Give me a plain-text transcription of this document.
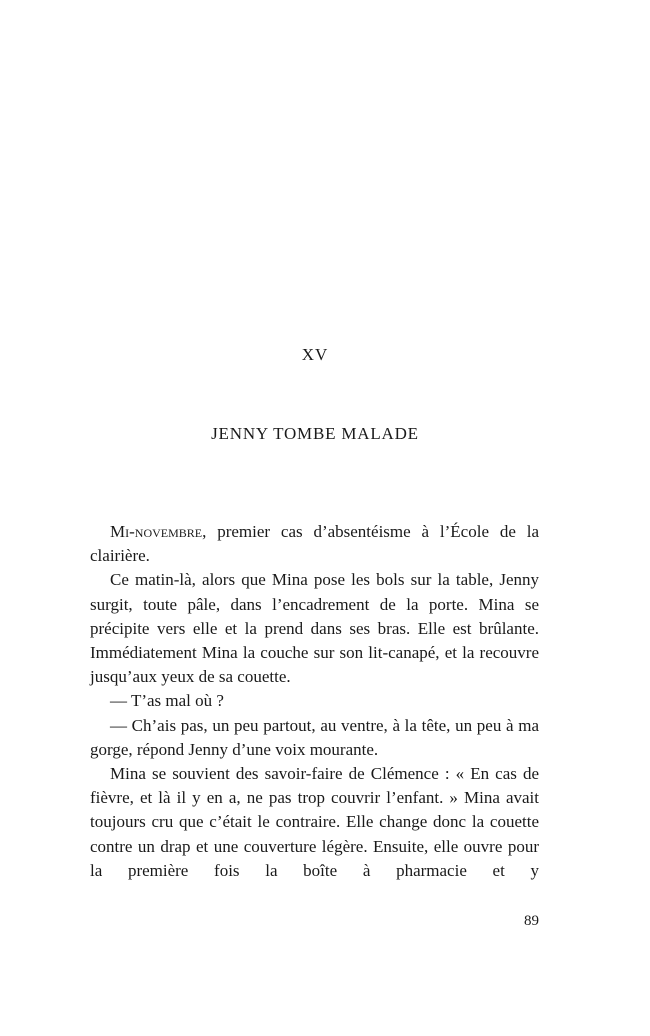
XV
JENNY TOMBE MALADE

Mi-novembre, premier cas d’absentéisme à l’École de la clairière.

Ce matin-là, alors que Mina pose les bols sur la table, Jenny surgit, toute pâle, dans l’encadrement de la porte. Mina se précipite vers elle et la prend dans ses bras. Elle est brûlante. Immédiatement Mina la couche sur son lit-canapé, et la recouvre jusqu’aux yeux de sa couette.

— T’as mal où ?

— Ch’ais pas, un peu partout, au ventre, à la tête, un peu à ma gorge, répond Jenny d’une voix mourante.

Mina se souvient des savoir-faire de Clémence : « En cas de fièvre, et là il y en a, ne pas trop couvrir l’enfant. » Mina avait toujours cru que c’était le contraire. Elle change donc la couette contre un drap et une couverture légère. Ensuite, elle ouvre pour la première fois la boîte à pharmacie et y

89
